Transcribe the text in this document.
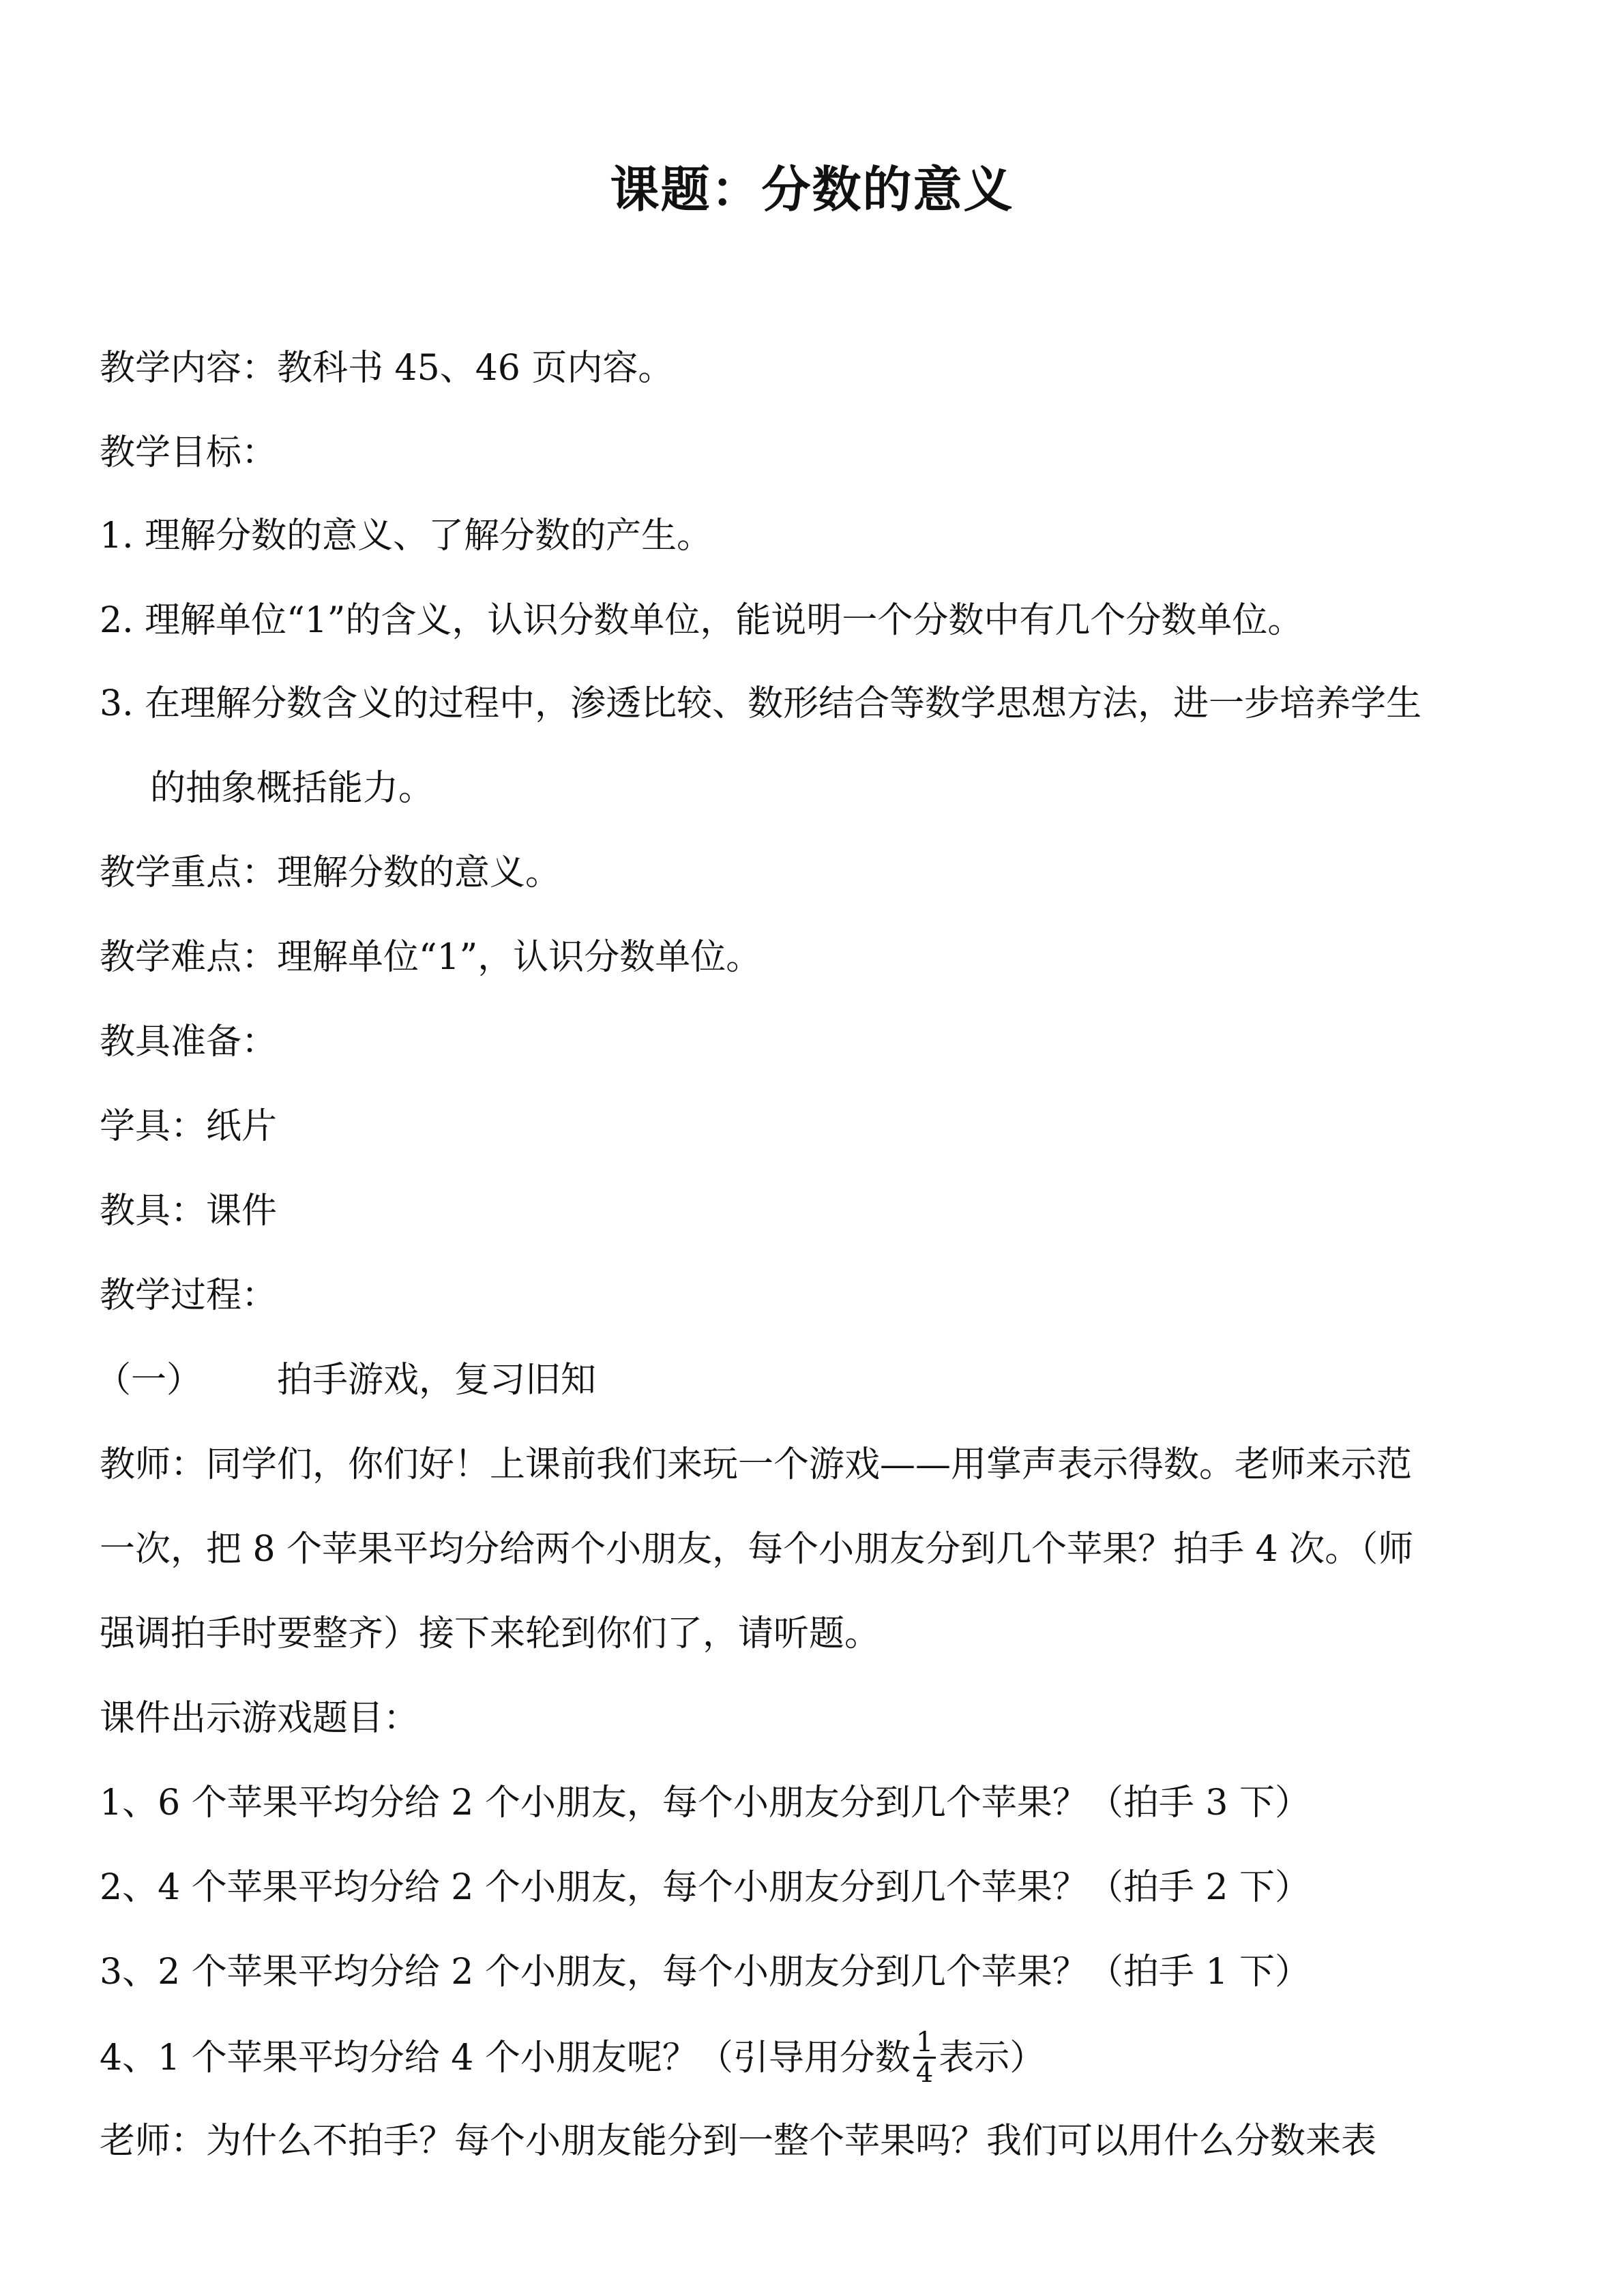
课题：分数的意义
教学内容：教科书 45、46 页内容。
教学目标：
1. 理解分数的意义、了解分数的产生。
2. 理解单位“1”的含义，认识分数单位，能说明一个分数中有几个分数单位。
3. 在理解分数含义的过程中，渗透比较、数形结合等数学思想方法，进一步培养学生
的抽象概括能力。
教学重点：理解分数的意义。
教学难点：理解单位“1”，认识分数单位。
教具准备：
学具：纸片
教具：课件
教学过程：
（一） 拍手游戏，复习旧知
教师：同学们，你们好！上课前我们来玩一个游戏——用掌声表示得数。老师来示范
一次，把 8 个苹果平均分给两个小朋友，每个小朋友分到几个苹果？拍手 4 次。（师
强调拍手时要整齐）接下来轮到你们了，请听题。
课件出示游戏题目：
1、6 个苹果平均分给 2 个小朋友，每个小朋友分到几个苹果？（拍手 3 下）
2、4 个苹果平均分给 2 个小朋友，每个小朋友分到几个苹果？（拍手 2 下）
3、2 个苹果平均分给 2 个小朋友，每个小朋友分到几个苹果？（拍手 1 下）
4、1 个苹果平均分给 4 个小朋友呢？（引导用分数 $\frac{1}{4}$ 表示）
老师：为什么不拍手？每个小朋友能分到一整个苹果吗？我们可以用什么分数来表
